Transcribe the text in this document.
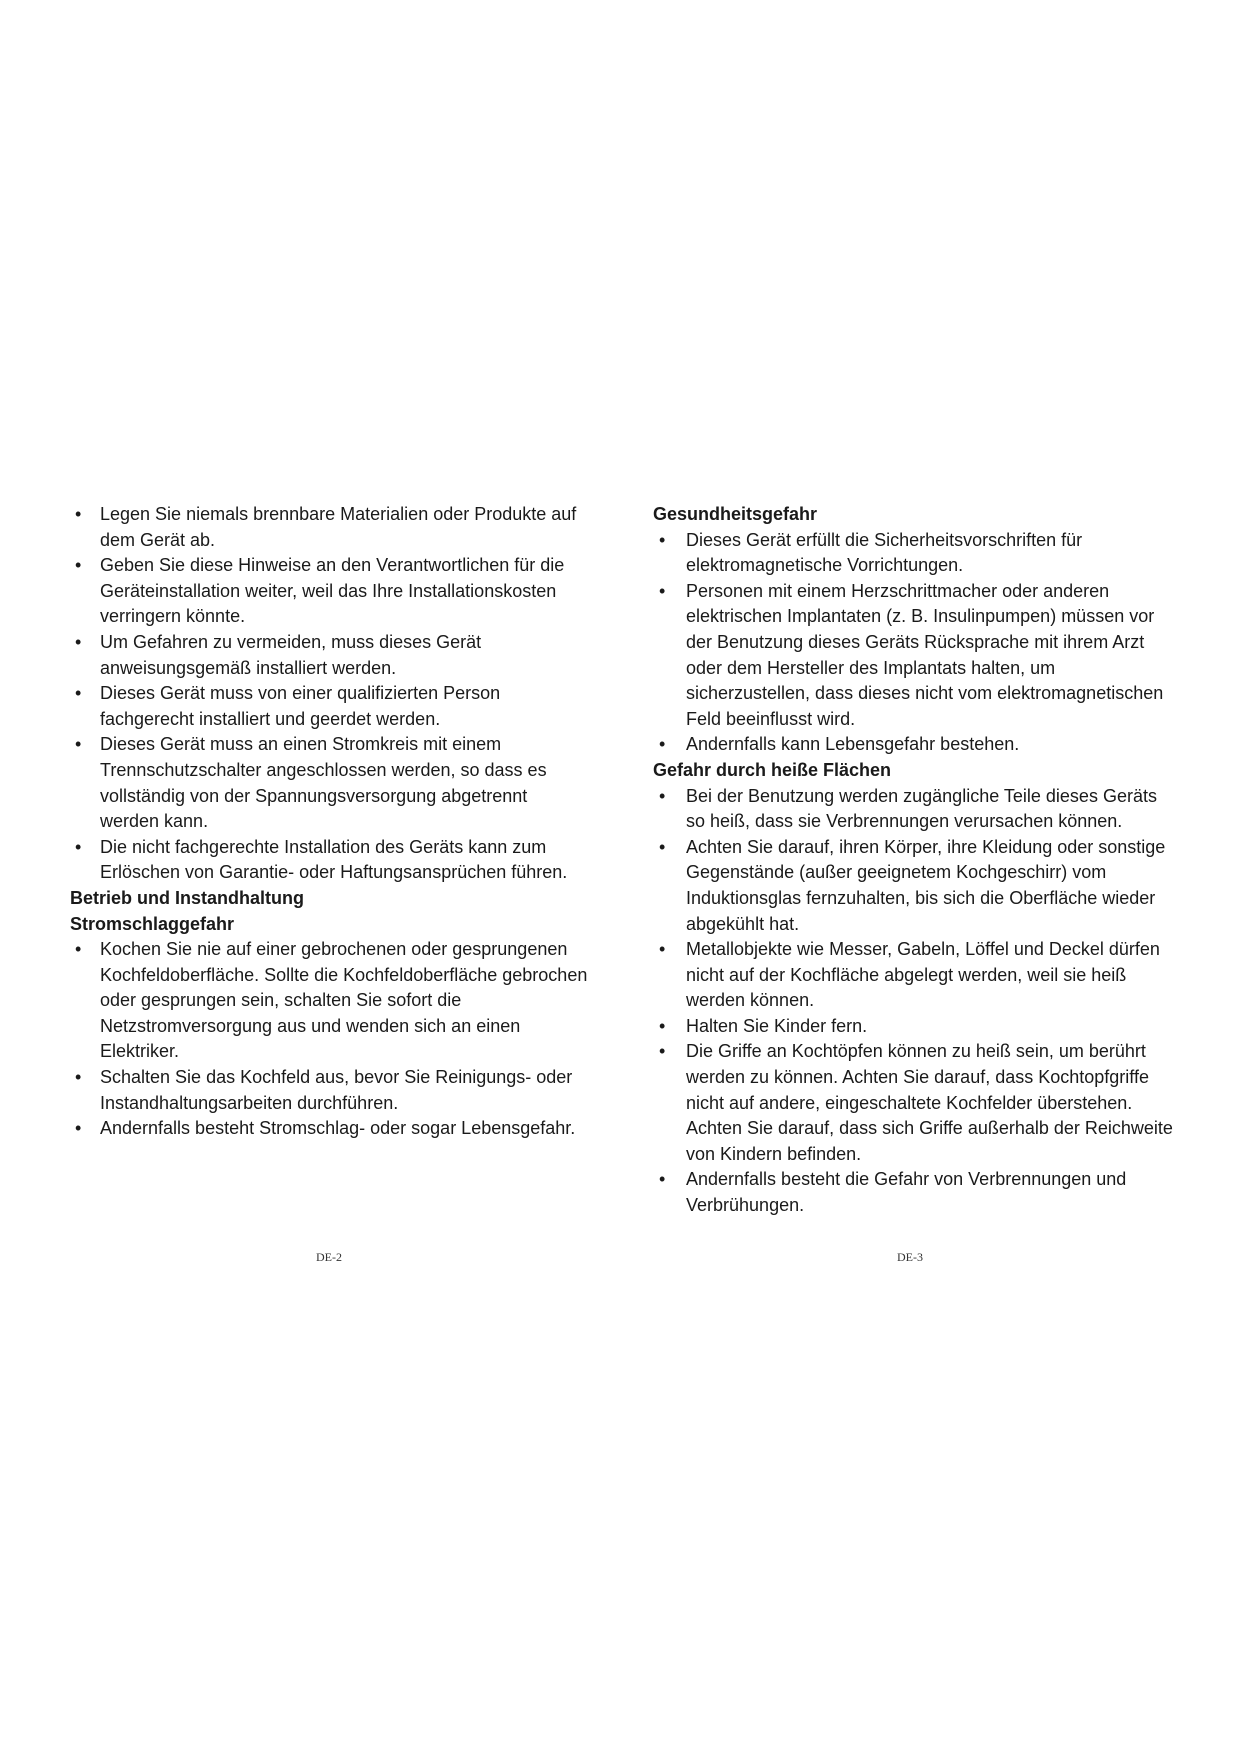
• Legen Sie niemals brennbare Materialien oder Produkte auf dem Gerät ab.
• Geben Sie diese Hinweise an den Verantwortlichen für die Geräteinstallation weiter, weil das Ihre Installationskosten verringern könnte.
• Um Gefahren zu vermeiden, muss dieses Gerät anweisungsgemäß installiert werden.
• Dieses Gerät muss von einer qualifizierten Person fachgerecht installiert und geerdet werden.
• Dieses Gerät muss an einen Stromkreis mit einem Trennschutzschalter angeschlossen werden, so dass es vollständig von der Spannungsversorgung abgetrennt werden kann.
• Die nicht fachgerechte Installation des Geräts kann zum Erlöschen von Garantie- oder Haftungsansprüchen führen.

Betrieb und Instandhaltung

Stromschlaggefahr

• Kochen Sie nie auf einer gebrochenen oder gesprungenen Kochfeldoberfläche. Sollte die Kochfeldoberfläche gebrochen oder gesprungen sein, schalten Sie sofort die Netzstromversorgung aus und wenden sich an einen Elektriker.
• Schalten Sie das Kochfeld aus, bevor Sie Reinigungs- oder Instandhaltungsarbeiten durchführen.
• Andernfalls besteht Stromschlag- oder sogar Lebensgefahr.

Gesundheitsgefahr

• Dieses Gerät erfüllt die Sicherheitsvorschriften für elektromagnetische Vorrichtungen.
• Personen mit einem Herzschrittmacher oder anderen elektrischen Implantaten (z. B. Insulinpumpen) müssen vor der Benutzung dieses Geräts Rücksprache mit ihrem Arzt oder dem Hersteller des Implantats halten, um sicherzustellen, dass dieses nicht vom elektromagnetischen Feld beeinflusst wird.
• Andernfalls kann Lebensgefahr bestehen.

Gefahr durch heiße Flächen

• Bei der Benutzung werden zugängliche Teile dieses Geräts so heiß, dass sie Verbrennungen verursachen können.
• Achten Sie darauf, ihren Körper, ihre Kleidung oder sonstige Gegenstände (außer geeignetem Kochgeschirr) vom Induktionsglas fernzuhalten, bis sich die Oberfläche wieder abgekühlt hat.
• Metallobjekte wie Messer, Gabeln, Löffel und Deckel dürfen nicht auf der Kochfläche abgelegt werden, weil sie heiß werden können.
• Halten Sie Kinder fern.
• Die Griffe an Kochtöpfen können zu heiß sein, um berührt werden zu können. Achten Sie darauf, dass Kochtopfgriffe nicht auf andere, eingeschaltete Kochfelder überstehen. Achten Sie darauf, dass sich Griffe außerhalb der Reichweite von Kindern befinden.
• Andernfalls besteht die Gefahr von Verbrennungen und Verbrühungen.
DE-2	DE-3
